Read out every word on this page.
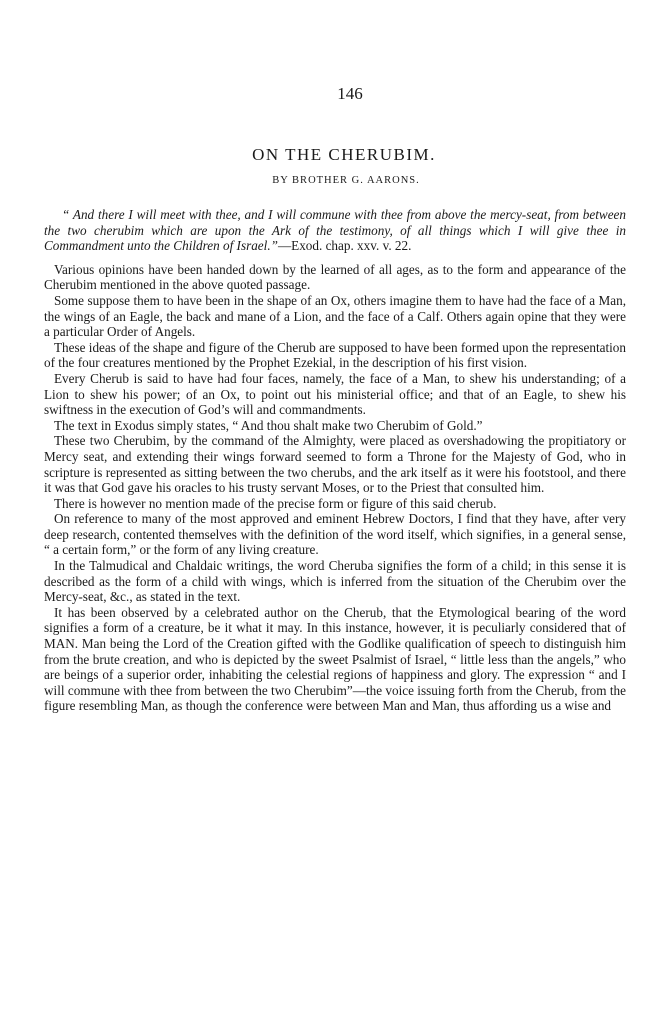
146
ON THE CHERUBIM.
BY BROTHER G. AARONS.

“ And there I will meet with thee, and I will commune with thee from above the mercy-seat, from between the two cherubim which are upon the Ark of the testimony, of all things which I will give thee in Commandment unto the Children of Israel.”—Exod. chap. xxv. v. 22.

Various opinions have been handed down by the learned of all ages, as to the form and appearance of the Cherubim mentioned in the above quoted passage.

Some suppose them to have been in the shape of an Ox, others imagine them to have had the face of a Man, the wings of an Eagle, the back and mane of a Lion, and the face of a Calf. Others again opine that they were a particular Order of Angels.

These ideas of the shape and figure of the Cherub are supposed to have been formed upon the representation of the four creatures mentioned by the Prophet Ezekial, in the description of his first vision.

Every Cherub is said to have had four faces, namely, the face of a Man, to shew his understanding; of a Lion to shew his power; of an Ox, to point out his ministerial office; and that of an Eagle, to shew his swiftness in the execution of God’s will and commandments.

The text in Exodus simply states, “ And thou shalt make two Cherubim of Gold.”

These two Cherubim, by the command of the Almighty, were placed as overshadowing the propitiatory or Mercy seat, and extending their wings forward seemed to form a Throne for the Majesty of God, who in scripture is represented as sitting between the two cherubs, and the ark itself as it were his footstool, and there it was that God gave his oracles to his trusty servant Moses, or to the Priest that consulted him.

There is however no mention made of the precise form or figure of this said cherub.

On reference to many of the most approved and eminent Hebrew Doctors, I find that they have, after very deep research, contented themselves with the definition of the word itself, which signifies, in a general sense, “ a certain form,” or the form of any living creature.

In the Talmudical and Chaldaic writings, the word Cheruba signifies the form of a child; in this sense it is described as the form of a child with wings, which is inferred from the situation of the Cherubim over the Mercy-seat, &c., as stated in the text.

It has been observed by a celebrated author on the Cherub, that the Etymological bearing of the word signifies a form of a creature, be it what it may. In this instance, however, it is peculiarly considered that of MAN. Man being the Lord of the Creation gifted with the Godlike qualification of speech to distinguish him from the brute creation, and who is depicted by the sweet Psalmist of Israel, “ little less than the angels,” who are beings of a superior order, inhabiting the celestial regions of happiness and glory. The expression “ and I will commune with thee from between the two Cherubim”—the voice issuing forth from the Cherub, from the figure resembling Man, as though the conference were between Man and Man, thus affording us a wise and
